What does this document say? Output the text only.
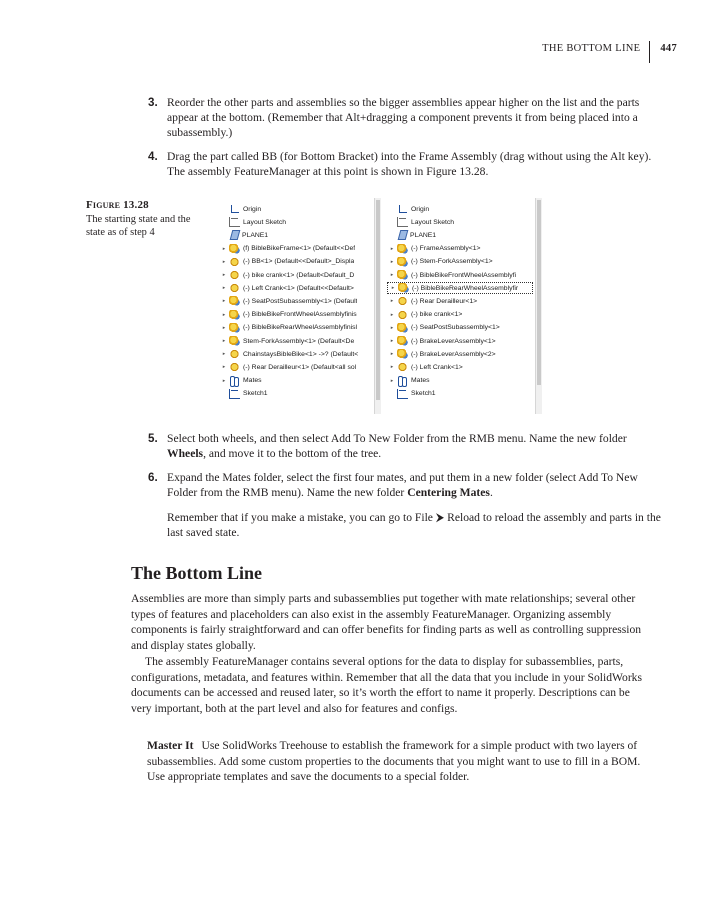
THE BOTTOM LINE	447
3. Reorder the other parts and assemblies so the bigger assemblies appear higher on the list and the parts appear at the bottom. (Remember that Alt+dragging a component prevents it from being placed into a subassembly.)
4. Drag the part called BB (for Bottom Bracket) into the Frame Assembly (drag without using the Alt key). The assembly FeatureManager at this point is shown in Figure 13.28.
Figure 13.28
The starting state and the state as of step 4
Origin
Layout Sketch
PLANE1
▸	(f) BibleBikeFrame<1> (Default<<Def
▸	(-) BB<1> (Default<<Default>_Displa
▸	(-) bike crank<1> (Default<Default_D
▸	(-) Left Crank<1> (Default<<Default>
▸	(-) SeatPostSubassembly<1> (Default
▸	(-) BibleBikeFrontWheelAssemblyfinis
▸	(-) BibleBikeRearWheelAssemblyfinisl
▸	Stem-ForkAssembly<1> (Default<De
▸	ChainstaysBibleBike<1> ->? (Default<
▸	(-) Rear Derailleur<1> (Default<all sol
▸	Mates
Sketch1
Origin
Layout Sketch
PLANE1
▸	(-) FrameAssembly<1>
▸	(-) Stem-ForkAssembly<1>
▸	(-) BibleBikeFrontWheelAssemblyfi
▸	(-) BibleBikeRearWheelAssemblyfir
▸	(-) Rear Derailleur<1>
▸	(-) bike crank<1>
▸	(-) SeatPostSubassembly<1>
▸	(-) BrakeLeverAssembly<1>
▸	(-) BrakeLeverAssembly<2>
▸	(-) Left Crank<1>
▸	Mates
Sketch1
5. Select both wheels, and then select Add To New Folder from the RMB menu. Name the new folder Wheels, and move it to the bottom of the tree.
6. Expand the Mates folder, select the first four mates, and put them in a new folder (select Add To New Folder from the RMB menu). Name the new folder Centering Mates.
Remember that if you make a mistake, you can go to File ⮞ Reload to reload the assembly and parts in the last saved state.
The Bottom Line
Assemblies are more than simply parts and subassemblies put together with mate relationships; several other types of features and placeholders can also exist in the assembly FeatureManager. Organizing assembly components is fairly straightforward and can offer benefits for finding parts as well as controlling suppression and display states globally.
The assembly FeatureManager contains several options for the data to display for subassemblies, parts, configurations, metadata, and features within. Remember that all the data that you include in your SolidWorks documents can be accessed and reused later, so it’s worth the effort to name it properly. Descriptions can be very important, both at the part level and also for features and configs.
Master It Use SolidWorks Treehouse to establish the framework for a simple product with two layers of subassemblies. Add some custom properties to the documents that you might want to use to fill in a BOM. Use appropriate templates and save the documents to a special folder.
